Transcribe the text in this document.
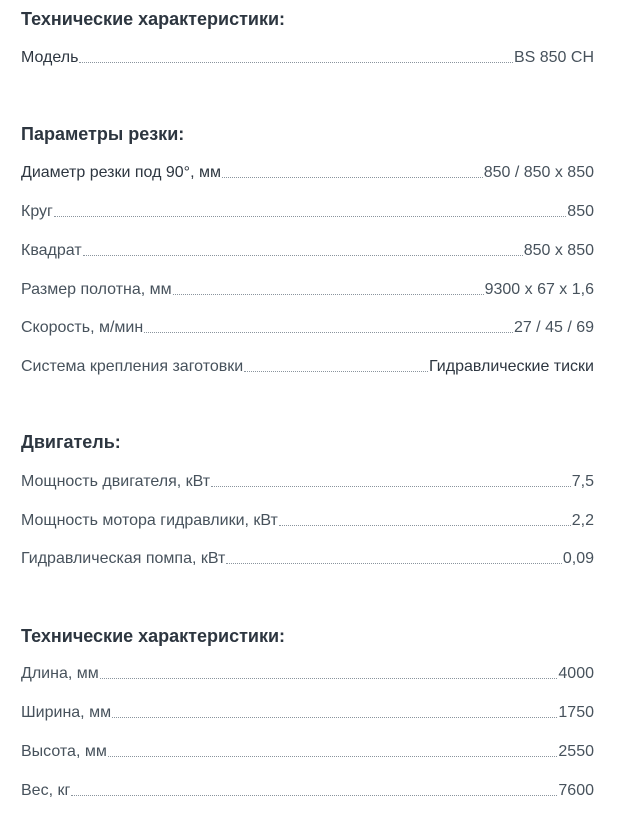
Технические характеристики:
Модель	BS 850 CH
Параметры резки:
Диаметр резки под 90°, мм	850 / 850 x 850
Круг	850
Квадрат	850 x 850
Размер полотна, мм	9300 x 67 x 1,6
Скорость, м/мин	27 / 45 / 69
Система крепления заготовки	Гидравлические тиски
Двигатель:
Мощность двигателя, кВт	7,5
Мощность мотора гидравлики, кВт	2,2
Гидравлическая помпа, кВт	0,09
Технические характеристики:
Длина, мм	4000
Ширина, мм	1750
Высота, мм	2550
Вес, кг	7600
